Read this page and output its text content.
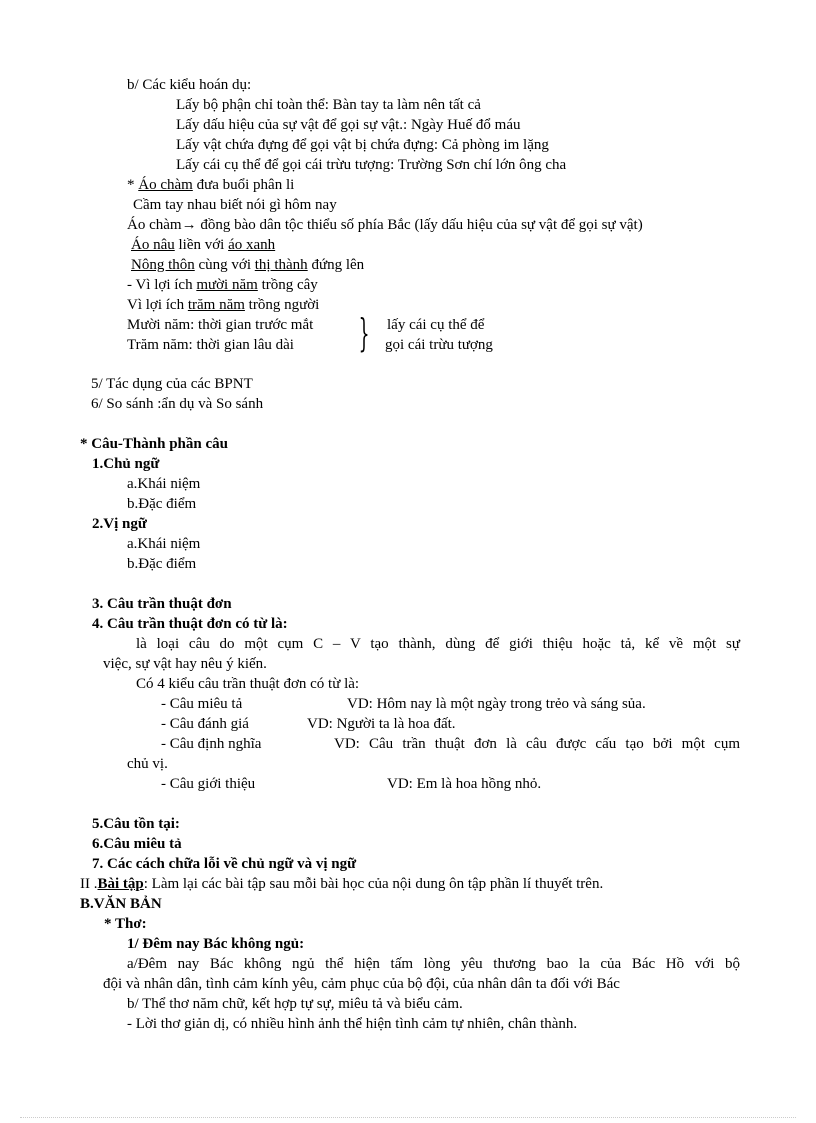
b/ Các kiểu hoán dụ:
Lấy bộ phận chỉ toàn thể: Bàn tay ta làm nên tất cả
Lấy dấu hiệu của sự vật để gọi sự vật.: Ngày Huế đổ máu
Lấy vật chứa đựng để gọi vật bị chứa đựng: Cả phòng im lặng
Lấy cái cụ thể để gọi cái trừu tượng: Trường Sơn chí lớn ông cha
* Áo chàm đưa buổi phân li
Cầm tay nhau biết nói gì hôm nay
Áo chàm→ đồng bào dân tộc thiểu số phía Bắc (lấy dấu hiệu của sự vật để gọi sự vật)
Áo nâu liền với áo xanh
Nông thôn cùng với thị thành đứng lên
- Vì lợi ích mười năm trồng cây
Vì lợi ích trăm năm trồng người
Mười năm: thời gian trước mắt
Trăm năm: thời gian lâu dài } lấy cái cụ thể để
gọi cái trừu tượng
5/ Tác dụng của các BPNT
6/ So sánh :ẩn dụ và So sánh
* Câu-Thành phần câu
1.Chủ ngữ
a.Khái niệm
b.Đặc điểm
2.Vị ngữ
a.Khái niệm
b.Đặc điểm
3. Câu trần thuật đơn
4. Câu trần thuật đơn có từ là:
là loại câu do một cụm C – V tạo thành, dùng để giới thiệu hoặc tả, kể về một sự
việc, sự vật hay nêu ý kiến.
Có 4 kiểu câu trần thuật đơn có từ là:
- Câu miêu tả	VD: Hôm nay là một ngày trong trẻo và sáng sủa.
- Câu đánh giá	VD: Người ta là hoa đất.
- Câu định nghĩa	VD: Câu trần thuật đơn là câu được cấu tạo bởi một cụm
chủ vị.
- Câu giới thiệu	VD: Em là hoa hồng nhỏ.
5.Câu tồn tại:
6.Câu miêu tả
7. Các cách chữa lỗi về chủ ngữ và vị ngữ
II .Bài tập: Làm lại các bài tập sau mỗi bài học của nội dung ôn tập phần lí thuyết trên.
B.VĂN BẢN
* Thơ:
1/ Đêm nay Bác không ngủ:
a/Đêm nay Bác không ngủ thể hiện tấm lòng yêu thương bao la của Bác Hồ với bộ
đội và nhân dân, tình cảm kính yêu, cảm phục của bộ đội, của nhân dân ta đối với Bác
b/ Thể thơ năm chữ, kết hợp tự sự, miêu tả và biểu cảm.
- Lời thơ giản dị, có nhiều hình ảnh thể hiện tình cảm tự nhiên, chân thành.
